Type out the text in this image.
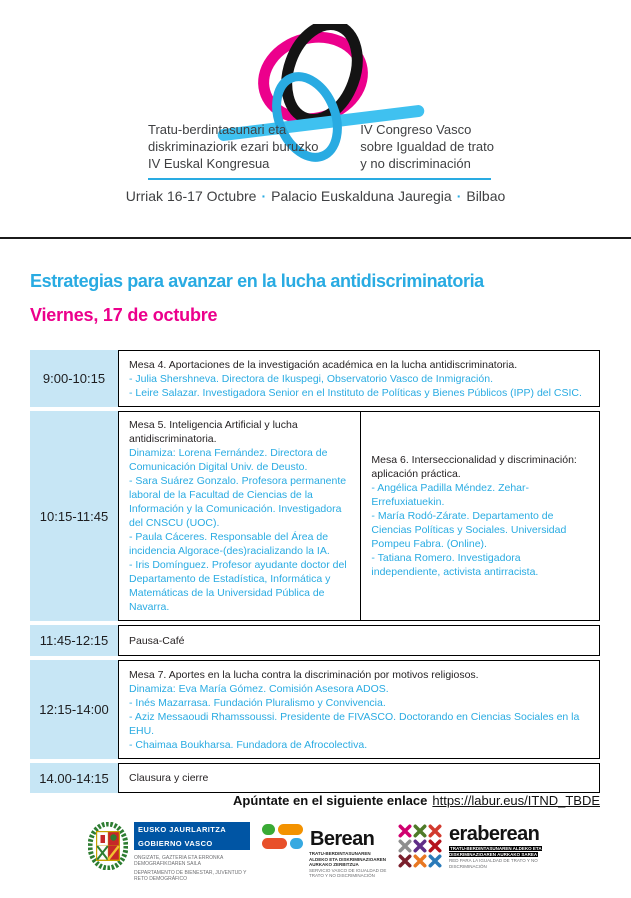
Tratu-berdintasunari eta
diskriminaziorik ezari buruzko
IV Euskal Kongresua
IV Congreso Vasco
sobre Igualdad de trato
y no discriminación
Urriak 16-17 Octubre · Palacio Euskalduna Jauregia · Bilbao
Estrategias para avanzar en la lucha antidiscriminatoria
Viernes, 17 de octubre
9:00-10:15

Mesa 4. Aportaciones de la investigación académica en la lucha antidiscriminatoria.

- Julia Shershneva. Directora de Ikuspegi, Observatorio Vasco de Inmigración.

- Leire Salazar. Investigadora Senior en el Instituto de Políticas y Bienes Públicos (IPP) del CSIC.

10:15-11:45

Mesa 5. Inteligencia Artificial y lucha antidiscriminatoria.

Dinamiza: Lorena Fernández. Directora de Comunicación Digital Univ. de Deusto.

- Sara Suárez Gonzalo. Profesora permanente laboral de la Facultad de Ciencias de la Información y la Comunicación. Investigadora del CNSCU (UOC).

- Paula Cáceres. Responsable del Área de incidencia Algorace-(des)racializando la IA.

- Iris Domínguez. Profesor ayudante doctor del Departamento de Estadística, Informática y Matemáticas de la Universidad Pública de Navarra.

Mesa 6. Interseccionalidad y discriminación: aplicación práctica.

- Angélica Padilla Méndez. Zehar-Errefuxiatuekin.

- María Rodó-Zárate. Departamento de Ciencias Políticas y Sociales. Universidad Pompeu Fabra. (Online).

- Tatiana Romero. Investigadora independiente, activista antirracista.

11:45-12:15	Pausa-Café

12:15-14:00

Mesa 7. Aportes en la lucha contra la discriminación por motivos religiosos.

Dinamiza: Eva María Gómez. Comisión Asesora ADOS.

- Inés Mazarrasa. Fundación Pluralismo y Convivencia.

- Aziz Messaoudi Rhamssoussi. Presidente de FIVASCO. Doctorando en Ciencias Sociales en la EHU.

- Chaimaa Boukharsa. Fundadora de Afrocolectiva.

14.00-14:15	Clausura y cierre

Apúntate en el siguiente enlace https://labur.eus/ITND_TBDE
EUSKO JAURLARITZA
GOBIERNO VASCO

ONGIZATE, GAZTERIA ETA ERRONKA DEMOGRAFIKOAREN SAILA

DEPARTAMENTO DE BIENESTAR, JUVENTUD Y RETO DEMOGRÁFICO

Berean
TRATU-BERDINTASUNAREN ALDEKO ETA DISKRIMINAZIOAREN AURKAKO ZERBITZUA
SERVICIO VASCO DE IGUALDAD DE TRATO Y NO DISCRIMINACIÓN
eraberean
TRATU-BERDINTASUNAREN ALDEKO ETA DISKRIMINAZIOAREN AURKAKO SAREA
RED PARA LA IGUALDAD DE TRATO Y NO DISCRIMINACIÓN
